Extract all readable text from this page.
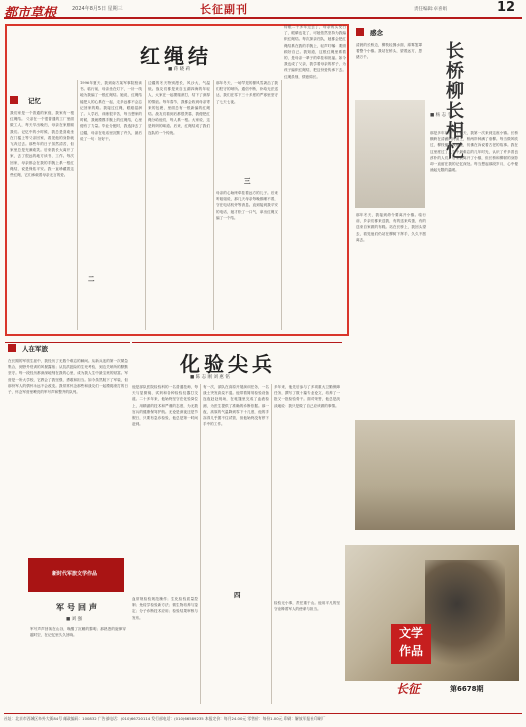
都市草根	2024年8月5日 星期三	长征副刊	责任编辑:卓喜娟	12
红绳结
■ 蒋 晓 莉
记忆
我们家是一个普通的家庭，我家有一根红绳结。 父亲在一个很普通的工厂里面做工人，每天早出晚归，母亲在家照顾我们。记忆中的小时候，我总是喜欢坐在门槛上等父亲回家，看见他的身影就飞奔过去。那些年的日子虽然清苦，但家里总是充满欢笑。后来我长大离开了家，去了很远的地方读书、工作。每次回家，母亲都会在我的手腕上系一根红绳结，说是保佑平安。我一直珍藏着这些红绳，它们承载着母亲无言的爱。
1996年夏天，我到南方某军事院校读书。临行前，母亲坐在灯下，一针一线地为我编了一根红绳结。她说，红绳结能把人的心系在一起，走多远都不会忘记回家的路。我接过红绳，眼眶湿润了。入学后，训练很辛苦，每当想家的时候，我就摸摸手腕上的红绳结，心里便有了力量。毕业分配时，我选择去了边疆，母亲在电话里沉默了许久，最后说了一句：好好干。
边疆的冬天特别漫长，风沙大，气温低。战友们都是来自五湖四海的年轻人，大家在一起摸爬滚打，结下了深厚的情谊。每年春节，我都会收到母亲寄来的包裹，里面总有一根新编的红绳结。战友们看到后都很羡慕，我便把红绳分给他们，每人系一根。大家说，这是妈妈的味道。后来，红绳结成了我们连队的一个传统。
那年冬天，一场罕见的暴风雪袭击了我们驻守的哨所。通信中断，补给无法送达，我们在零下三十多度的严寒里坚守了七天七夜。
三
母亲的心始终牵挂着远方的儿子。后来听姐姐说，那几天母亲每晚都睡不着，守在电话机旁等消息。直到接到我平安的电话，她才松了一口气，拿出红绳又编了一个结。
转眼二十多年过去了，母亲的头发白了，眼睛也花了，可她依然坚持为我编织红绳结。每次探亲归队，她都会把红绳结系在我的手腕上，轻声叮嘱：要照顾好自己。我知道，这根红绳里系着的，是母亲一辈子的牵挂和祝福。如今我也成了父亲，我学着母亲的样子，为孩子编织红绳结，把这份爱传承下去。红绳虽细，情意绵长。
二
感念
长桥柳 长相忆
■ 杨 志 冬
清晨的长桥边，柳枝轻拂水面，薄雾笼罩着整个小镇。我站在桥头，望着远方，思绪万千。
那是多年前的一个春天，我第一次来到这座小镇。长桥横跨在清澈的河面上，桥两岸种满了垂柳。每当微风吹过，柳枝便随风摇曳，仿佛在诉说着古老的故事。我在这里度过了人生中最难忘的几年时光，认识了许多善良淳朴的人们。后来我离开了小镇，但长桥和柳树的身影却一直留在我的记忆深处。每当想起那段岁月，心中便涌起无限的温暖。
那年冬天，我接到命令要离开小镇。临行前，乡亲们都来送我，有的送来鸡蛋，有的送来自家做的布鞋。站在长桥上，我回头望去，看见他们仍站在柳树下挥手，久久不愿离去。
人在军旅
在长期的军旅生涯中，我经历了无数个难忘的瞬间。从新兵连的第一次紧急集合，到野外驻训的风餐露宿；从抗洪抢险的生死考验，到边关哨所的默默坚守。每一段经历都深深地刻在我的心里，成为我人生中最宝贵的财富。军营是一所大学校，它教会了我坚强、勇敢和担当。如今虽然脱下了军装，但那份军人的情怀永远不会改变。我常常怀念那些和战友们一起摸爬滚打的日子，怀念军营里嘹亮的军号声和整齐的队列。
新时代军旅文学作品
军号回声
■ 刘 强
军号声声回荡在山谷，唤醒了沉睡的黎明；那熟悉的旋律穿越时空，在记忆里久久回响。
化验尖兵
■ 陈 志 刚 刘 惠 铭
他是部队医院检验科的一名普通技师，每天与显微镜、试剂和各种检验仪器打交道。二十多年来，他始终坚守在化验岗位上，用精湛的技术和严谨的态度，为无数官兵的健康保驾护航。无论是深夜还是节假日，只要有急诊检验，他总是第一时间赶到。
血常规检验规范操作；生化检验质量控制；免疫学检验新方法；微生物培养与鉴定；分子诊断技术应用；检验结果审核与发布。
有一次，部队在高原开展演训任务，一名战士突发高烧不退。他带着简易检验设备连夜赶赴现场，在帐篷里完成了血液检测，为医生提供了准确的诊断依据。那一夜，高原的气温降到零下十几度，他的手冻得几乎握不住试管，但他始终没有停下手中的工作。
多年来，他先后参与了多项重大卫勤保障任务，撰写了数十篇专业论文，培养了一批又一批检验骨干。面对荣誉，他总是淡淡地说：我只是做了自己应该做的事情。
四
检验无小事，责任重于山。他用平凡的坚守诠释着军人的使命与担当。
文学
作品
长征	第6678期
社址：北京市西城区阜外大街84号 邮政编码：100832 广告部电话：(010)66720114 发行部电话：(010)66589235 本报定价：每月24.00元 零售价：每份1.00元 印刷：解放军报社印刷厂
